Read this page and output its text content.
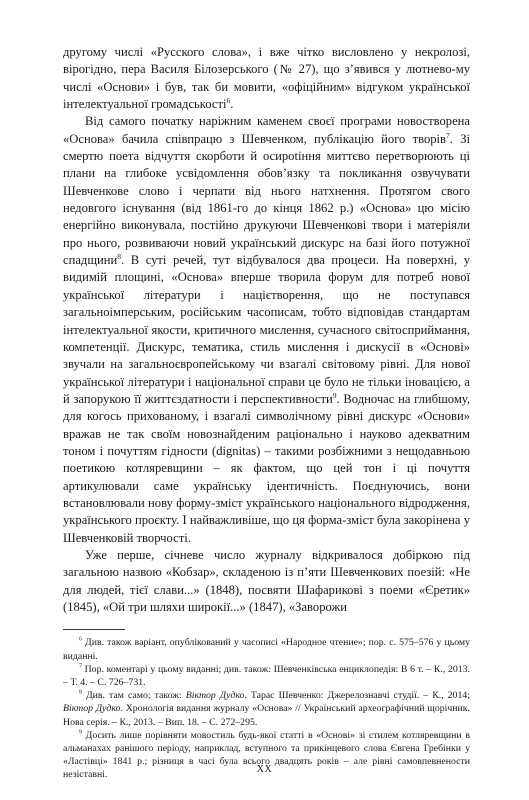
другому числі «Русского слова», і вже чітко висловлено у некролозі, вірогідно, пера Василя Білозерського (№ 27), що з’явився у лютнево-му числі «Основи» і був, так би мовити, «офіційним» відгуком української інтелектуальної громадськості$^6$.

Від самого початку наріжним каменем своєї програми новостворена «Основа» бачила співпрацю з Шевченком, публікацію його творів$^7$. Зі смертю поета відчуття скорботи й осирotіння миттєво перетворюють ці плани на глибоке усвідомлення обов’язку та покликання озвучувати Шевченкове слово і черпати від нього натхнення. Протягом свого недовгого існування (від 1861-го до кінця 1862 р.) «Основа» цю місію енергійно виконувала, постійно друкуючи Шевченкові твори і матеріяли про нього, розвиваючи новий український дискурс на базі його потужної спадщини$^8$. В суті речей, тут відбувалося два процеси. На поверхні, у видимій площині, «Основа» вперше творила форум для потреб нової української літератури і націєтворення, що не поступався загальноімперським, російським часописам, тобто відповідав стандартам інтелектуальної якости, критичного мислення, сучасного світосприймання, компетенції. Дискурс, тематика, стиль мислення і дискусії в «Основі» звучали на загальноєвропейському чи взагалі світовому рівні. Для нової української літератури і національної справи це було не тільки іновацією, а й запорукою її життєздатности і перспективности$^9$. Водночас на глибшому, для когось прихованому, і взагалі символічному рівні дискурс «Основи» вражав не так своїм новознайденим раціонально і науково адекватним тоном і почуттям гідности (dignitas) – такими розбіжними з нещодавньою поетикою котляревщини – як фактом, що цей тон і ці почуття артикулювали саме українську ідентичність. Поєднуючись, вони встановлювали нову форму-зміст українського національного відродження, українського проєкту. І найважливіше, що ця форма-зміст була закорінена у Шевченковій творчості.

Уже перше, січневе число журналу відкривалося добіркою під загальною назвою «Кобзар», складеною із п’яти Шевченкових поезій: «Не для людей, тієї слави...» (1848), посвяти Шафарикові з поеми «Єретик» (1845), «Ой три шляхи широкії...» (1847), «Заворожи

$^6$ Див. також варіант, опублікований у часописі «Народное чтение»; пор. с. 575–576 у цьому виданні.

$^7$ Пор. коментарі у цьому виданні; див. також: Шевченківська енциклопедія: В 6 т. – К., 2013. – Т. 4. – С. 726–731.

$^8$ Див. там само; також: Віктор Дудко. Тарас Шевченко: Джерелознавчі студії. – К., 2014; Віктор Дудко. Хронологія видання журналу «Основа» // Український археографічний щорічник. Нова серія. – К., 2013. – Вип. 18. – С. 272–295.

$^9$ Досить лише порівняти мовостиль будь-якої статті в «Основі» зі стилем котляревщини в альманахах ранішого періоду, наприклад, вступного та прикінцевого слова Євгена Гребінки у «Ластівці» 1841 р.; різниця в часі була всього двадцять років – але рівні самовпевнености незіставні.	XX
